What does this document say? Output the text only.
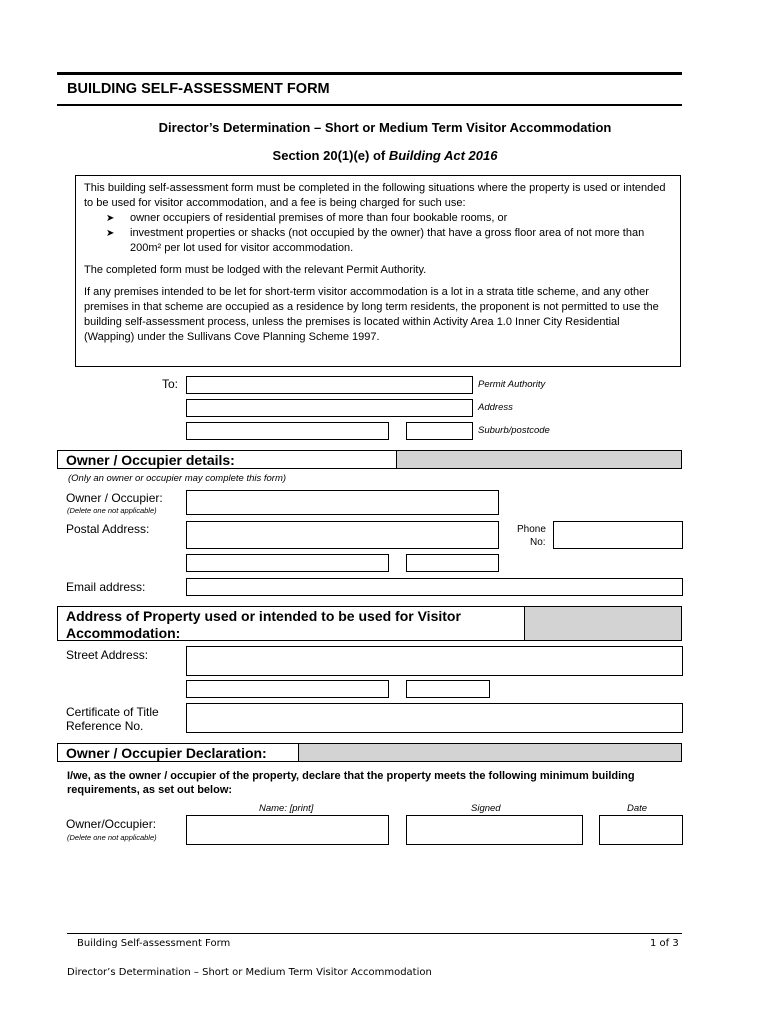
BUILDING SELF-ASSESSMENT FORM
Director’s Determination – Short or Medium Term Visitor Accommodation
Section 20(1)(e) of Building Act 2016

This building self-assessment form must be completed in the following situations where the property is used or intended to be used for visitor accommodation, and a fee is being charged for such use:

➤ owner occupiers of residential premises of more than four bookable rooms, or
➤ investment properties or shacks (not occupied by the owner) that have a gross floor area of not more than 200m² per lot used for visitor accommodation.

The completed form must be lodged with the relevant Permit Authority.

If any premises intended to be let for short-term visitor accommodation is a lot in a strata title scheme, and any other premises in that scheme are occupied as a residence by long term residents, the proponent is not permitted to use the building self-assessment process, unless the premises is located within Activity Area 1.0 Inner City Residential (Wapping) under the Sullivans Cove Planning Scheme 1997.

To:	Permit Authority
Address
Suburb/postcode
Owner / Occupier details:
(Only an owner or occupier may complete this form)
Owner / Occupier:
(Delete one not applicable)
Postal Address:	Phone
No:
Email address:
Address of Property used or intended to be used for Visitor
Accommodation:
Street Address:
Certificate of Title
Reference No.
Owner / Occupier Declaration:
I/we, as the owner / occupier of the property, declare that the property meets the following minimum building requirements, as set out below:
Name: [print]	Signed	Date
Owner/Occupier:
(Delete one not applicable)
Building Self-assessment Form	1 of 3
Director’s Determination – Short or Medium Term Visitor Accommodation
